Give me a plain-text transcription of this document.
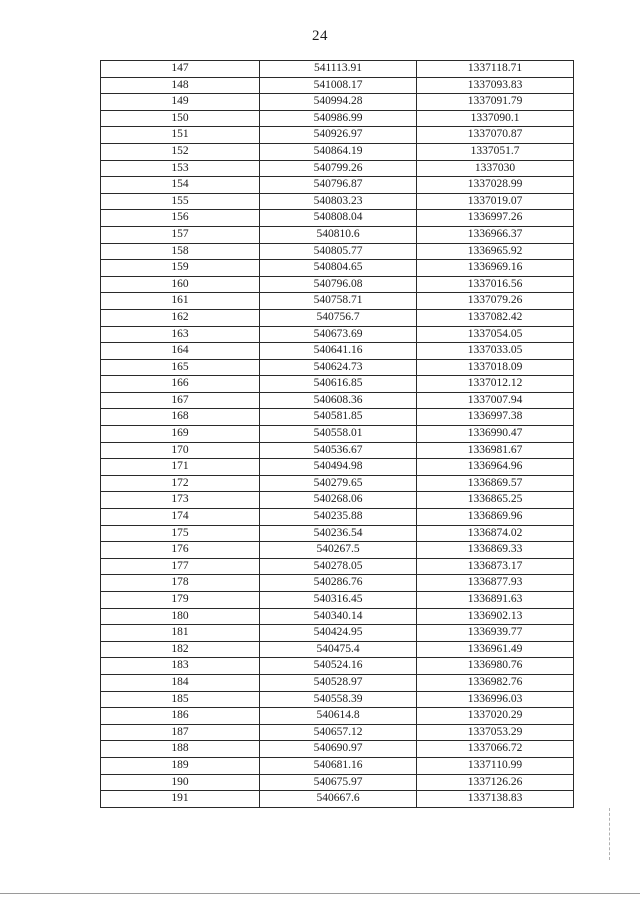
24
147	541113.91	1337118.71
148	541008.17	1337093.83
149	540994.28	1337091.79
150	540986.99	1337090.1
151	540926.97	1337070.87
152	540864.19	1337051.7
153	540799.26	1337030
154	540796.87	1337028.99
155	540803.23	1337019.07
156	540808.04	1336997.26
157	540810.6	1336966.37
158	540805.77	1336965.92
159	540804.65	1336969.16
160	540796.08	1337016.56
161	540758.71	1337079.26
162	540756.7	1337082.42
163	540673.69	1337054.05
164	540641.16	1337033.05
165	540624.73	1337018.09
166	540616.85	1337012.12
167	540608.36	1337007.94
168	540581.85	1336997.38
169	540558.01	1336990.47
170	540536.67	1336981.67
171	540494.98	1336964.96
172	540279.65	1336869.57
173	540268.06	1336865.25
174	540235.88	1336869.96
175	540236.54	1336874.02
176	540267.5	1336869.33
177	540278.05	1336873.17
178	540286.76	1336877.93
179	540316.45	1336891.63
180	540340.14	1336902.13
181	540424.95	1336939.77
182	540475.4	1336961.49
183	540524.16	1336980.76
184	540528.97	1336982.76
185	540558.39	1336996.03
186	540614.8	1337020.29
187	540657.12	1337053.29
188	540690.97	1337066.72
189	540681.16	1337110.99
190	540675.97	1337126.26
191	540667.6	1337138.83
